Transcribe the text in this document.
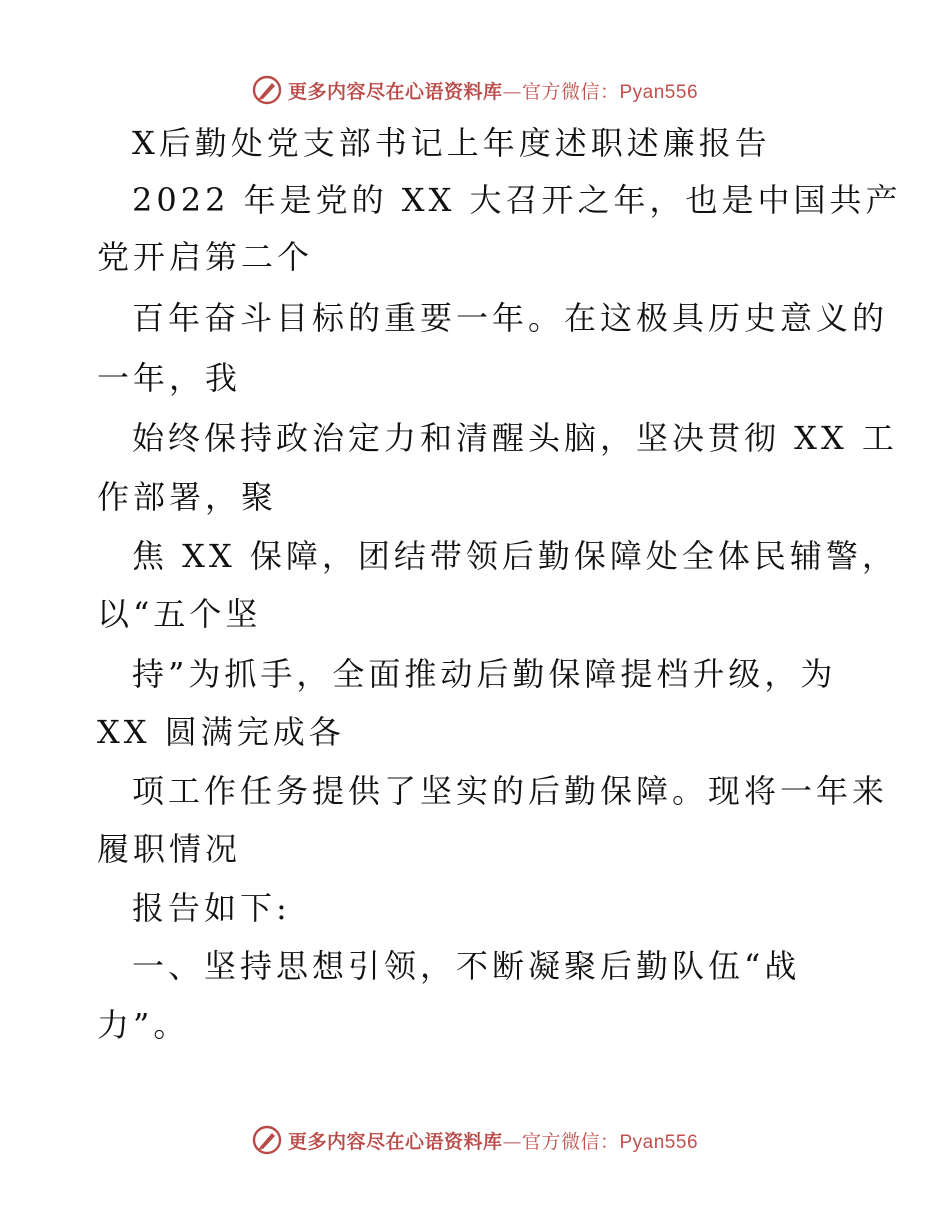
更多内容尽在心语资料库—官方微信：Pyan556
X后勤处党支部书记上年度述职述廉报告
2022 年是党的 XX 大召开之年，也是中国共产
党开启第二个
百年奋斗目标的重要一年。在这极具历史意义的
一年，我
始终保持政治定力和清醒头脑，坚决贯彻 XX 工
作部署，聚
焦 XX 保障，团结带领后勤保障处全体民辅警，
以“五个坚
持”为抓手，全面推动后勤保障提档升级，为
XX 圆满完成各
项工作任务提供了坚实的后勤保障。现将一年来
履职情况
报告如下:
一、坚持思想引领，不断凝聚后勤队伍“战
力”。
更多内容尽在心语资料库—官方微信：Pyan556
